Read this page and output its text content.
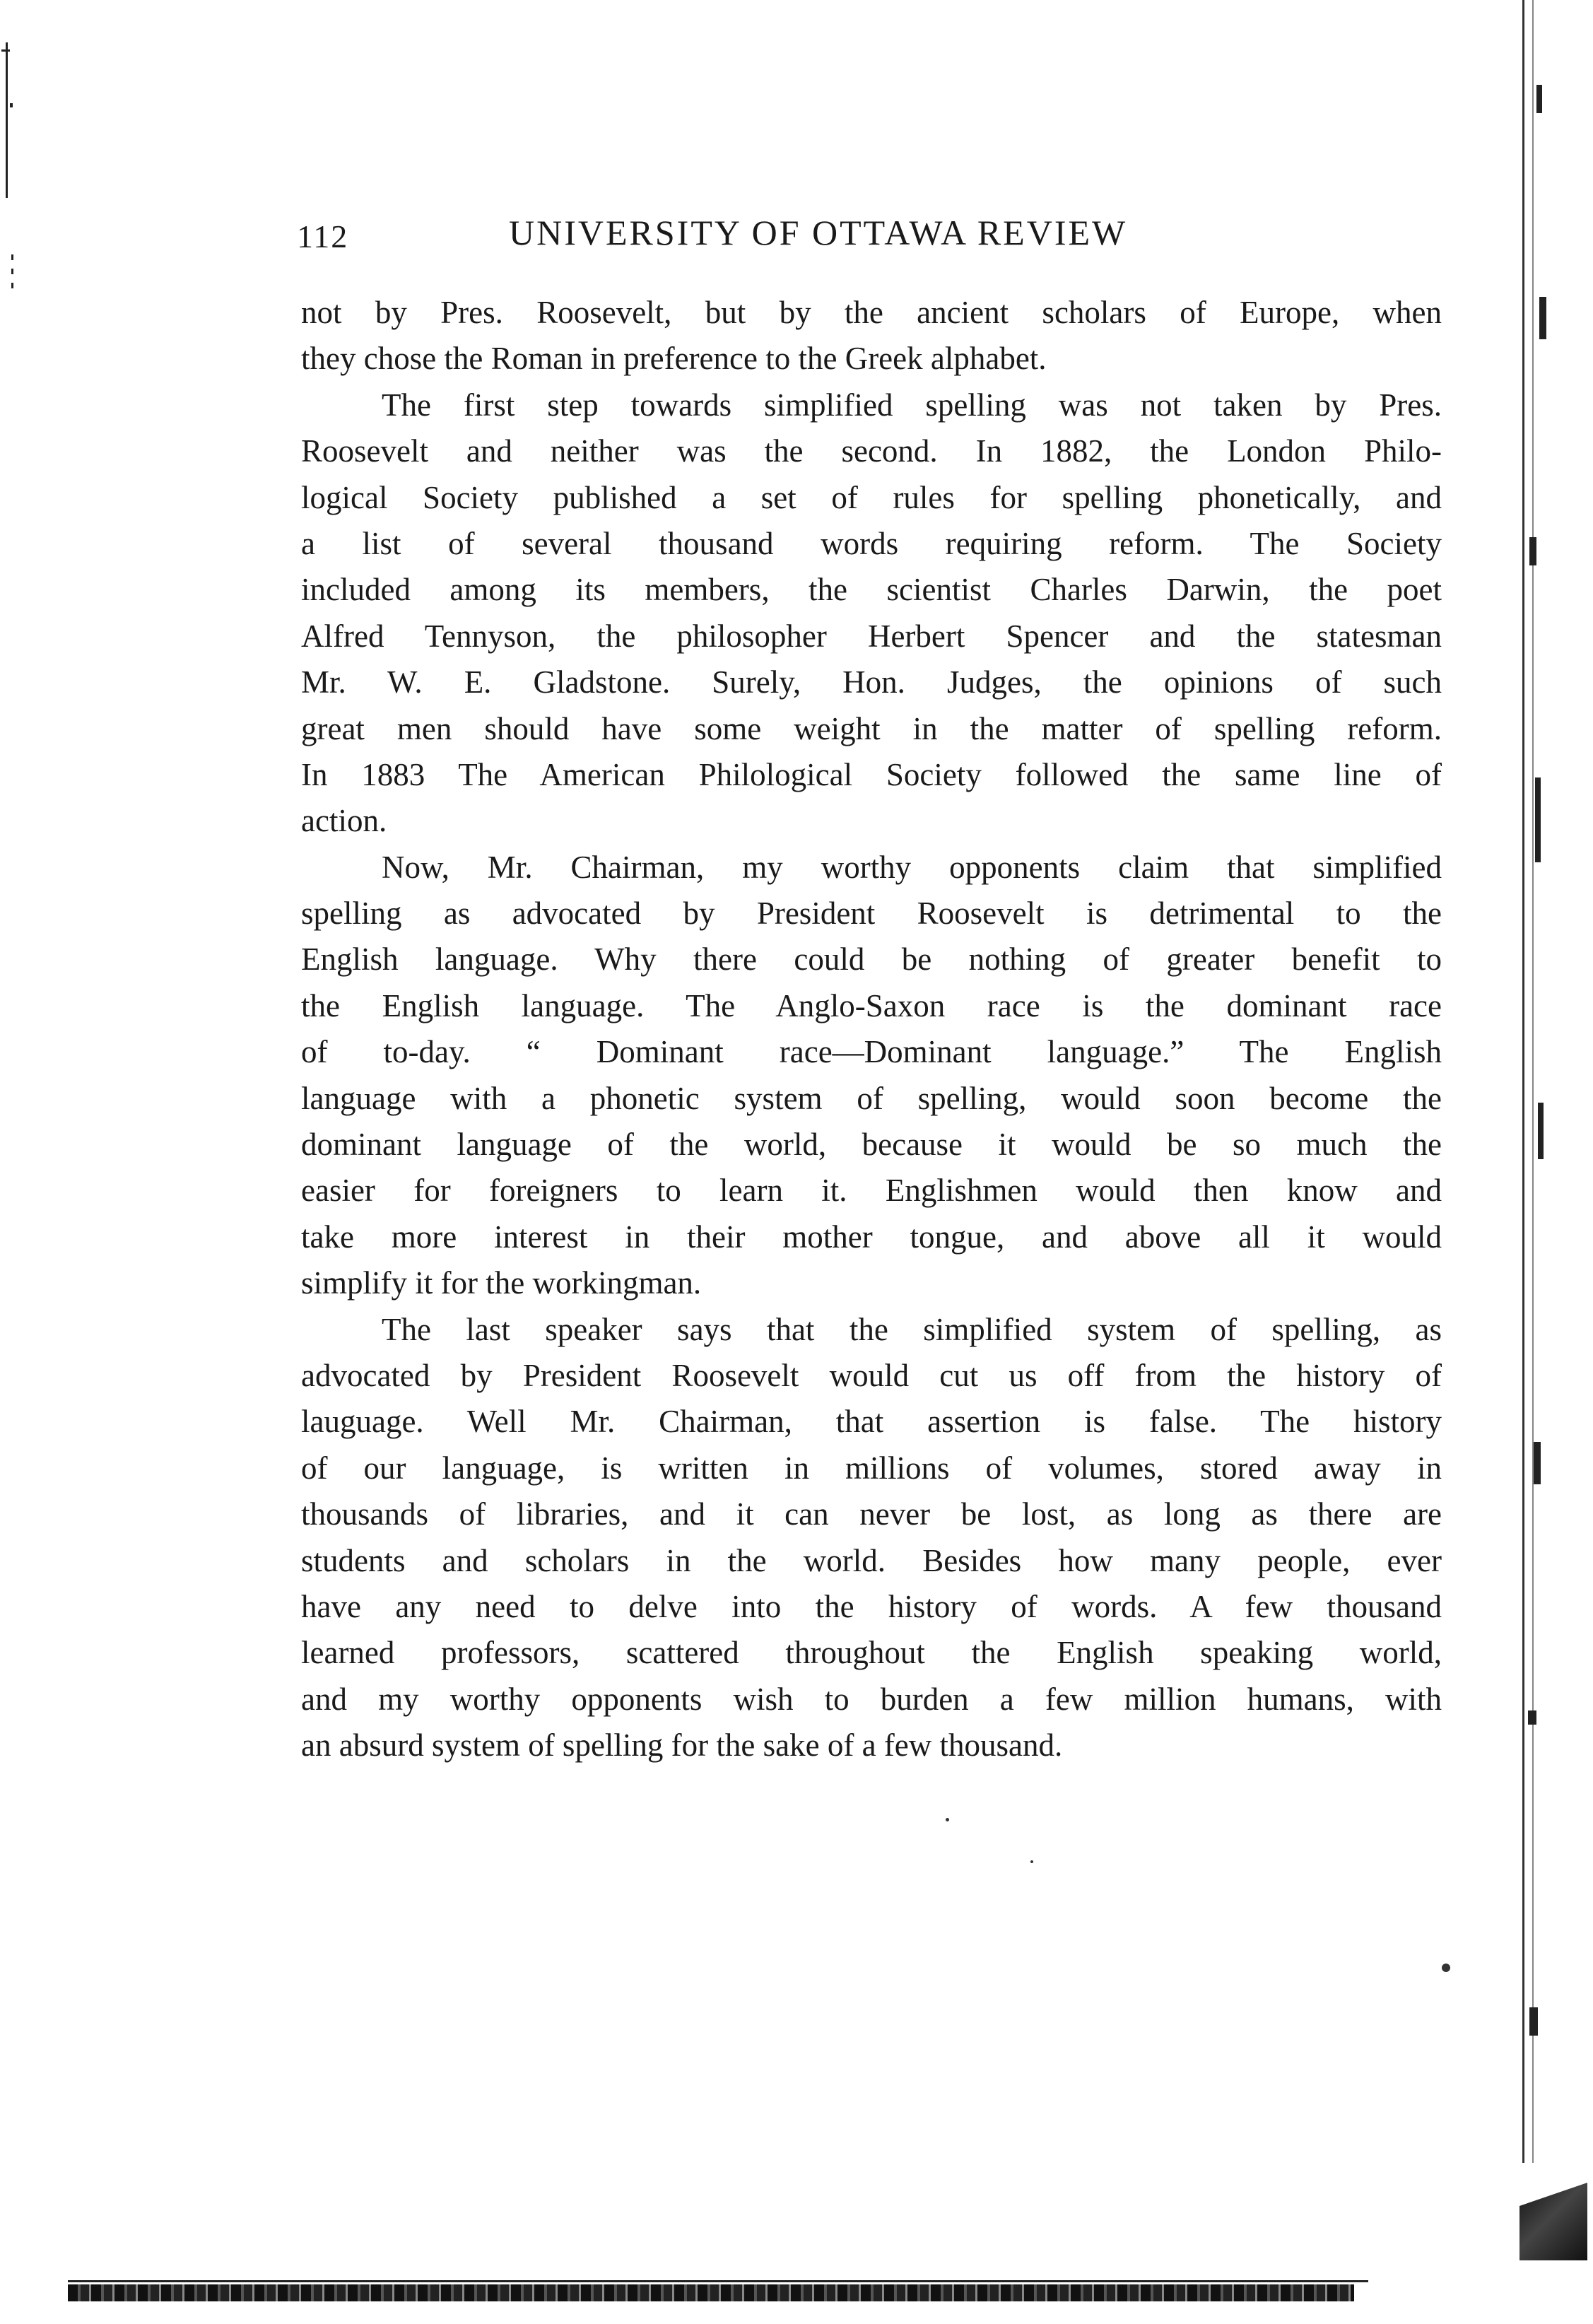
112	UNIVERSITY OF OTTAWA REVIEW
not by Pres. Roosevelt, but by the ancient scholars of Europe, when
they chose the Roman in preference to the Greek alphabet.
The first step towards simplified spelling was not taken by Pres.
Roosevelt and neither was the second. In 1882, the London Philo-
logical Society published a set of rules for spelling phonetically, and
a list of several thousand words requiring reform. The Society
included among its members, the scientist Charles Darwin, the poet
Alfred Tennyson, the philosopher Herbert Spencer and the statesman
Mr. W. E. Gladstone. Surely, Hon. Judges, the opinions of such
great men should have some weight in the matter of spelling reform.
In 1883 The American Philological Society followed the same line of
action.
Now, Mr. Chairman, my worthy opponents claim that simplified
spelling as advocated by President Roosevelt is detrimental to the
English language. Why there could be nothing of greater benefit to
the English language. The Anglo-Saxon race is the dominant race
of to-day. “ Dominant race—Dominant language.” The English
language with a phonetic system of spelling, would soon become the
dominant language of the world, because it would be so much the
easier for foreigners to learn it. Englishmen would then know and
take more interest in their mother tongue, and above all it would
simplify it for the workingman.
The last speaker says that the simplified system of spelling, as
advocated by President Roosevelt would cut us off from the history of
lauguage. Well Mr. Chairman, that assertion is false. The history
of our language, is written in millions of volumes, stored away in
thousands of libraries, and it can never be lost, as long as there are
students and scholars in the world. Besides how many people, ever
have any need to delve into the history of words. A few thousand
learned professors, scattered throughout the English speaking world,
and my worthy opponents wish to burden a few million humans, with
an absurd system of spelling for the sake of a few thousand.
